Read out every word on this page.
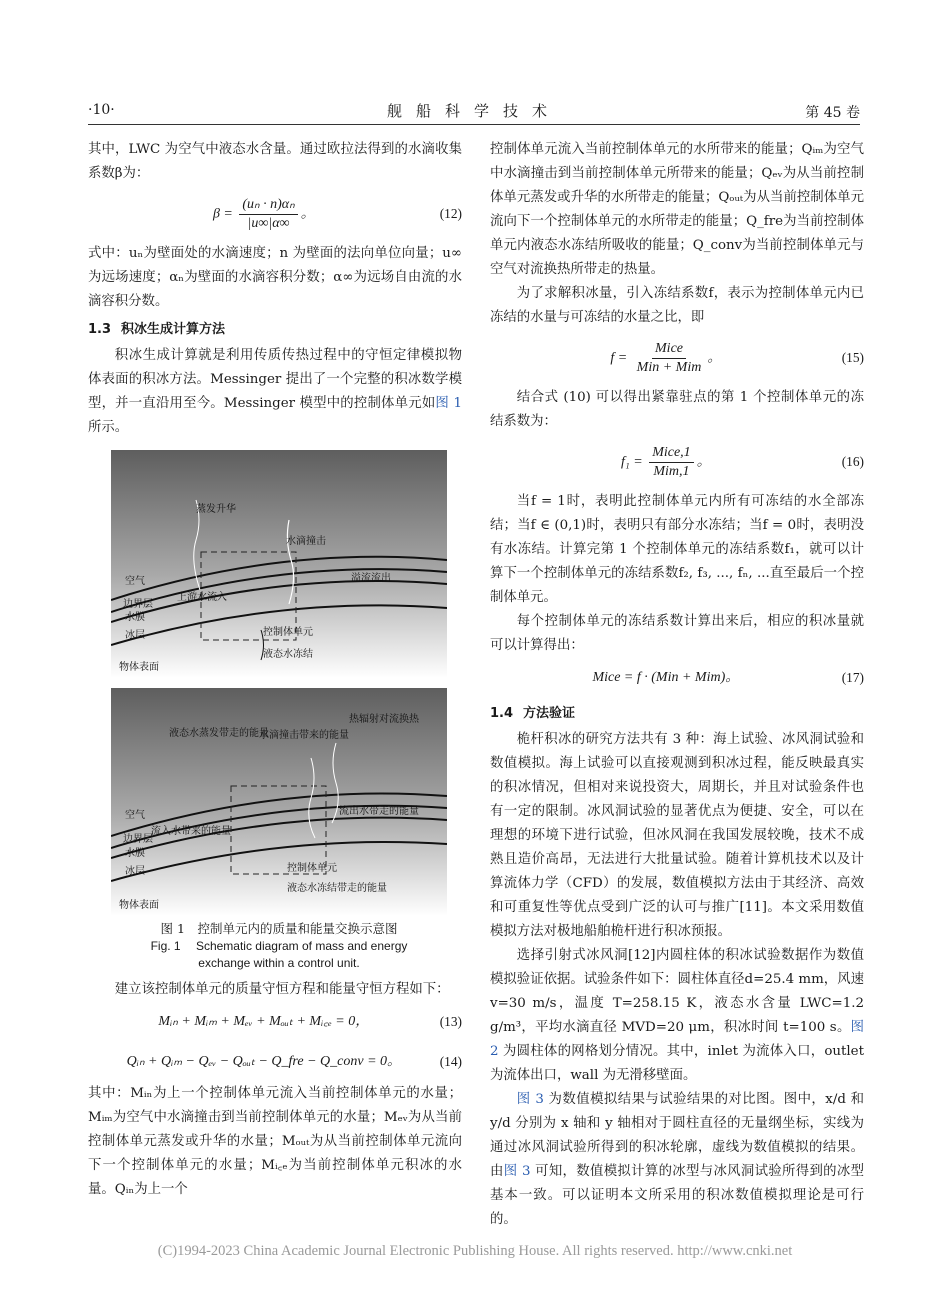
·10·	舰船科学技术	第 45 卷

其中，LWC 为空气中液态水含量。通过欧拉法得到的水滴收集系数β为：

$\beta = \frac{\text{(uₙ · n)αₙ}}{|u\infty|\alpha\infty}$ 。	(12)

式中：uₙ为壁面处的水滴速度；n 为壁面的法向单位向量；u∞为远场速度；αₙ为壁面的水滴容积分数；α∞为远场自由流的水滴容积分数。

1.3 积冰生成计算方法

积冰生成计算就是利用传质传热过程中的守恒定律模拟物体表面的积冰方法。Messinger 提出了一个完整的积冰数学模型，并一直沿用至今。Messinger 模型中的控制体单元如图 1 所示。

蒸发升华
水滴撞击
空气
边界层
水膜
冰层
物体表面
上游水流入
溢流流出
控制体单元
液态水冻结
液态水蒸发带走的能量
水滴撞击带来的能量
热辐射对流换热
空气
边界层
水膜
冰层
物体表面
流入水带来的能量
流出水带走的能量
控制体单元
液态水冻结带走的能量
图 1　控制单元内的质量和能量交换示意图
Fig. 1　 Schematic diagram of mass and energy
exchange within a control unit.

建立该控制体单元的质量守恒方程和能量守恒方程如下：

Mᵢₙ + Mᵢₘ + Mₑᵥ + Mₒᵤₜ + Mᵢ꜀ₑ = 0，	(13)
Qᵢₙ + Qᵢₘ − Qₑᵥ − Qₒᵤₜ − Q_fre − Q_conv = 0。	(14)

其中：Mᵢₙ为上一个控制体单元流入当前控制体单元的水量；Mᵢₘ为空气中水滴撞击到当前控制体单元的水量；Mₑᵥ为从当前控制体单元蒸发或升华的水量；Mₒᵤₜ为从当前控制体单元流向下一个控制体单元的水量；Mᵢ꜀ₑ为当前控制体单元积冰的水量。Qᵢₙ为上一个

控制体单元流入当前控制体单元的水所带来的能量；Qᵢₘ为空气中水滴撞击到当前控制体单元所带来的能量；Qₑᵥ为从当前控制体单元蒸发或升华的水所带走的能量；Qₒᵤₜ为从当前控制体单元流向下一个控制体单元的水所带走的能量；Q_fre为当前控制体单元内液态水冻结所吸收的能量；Q_conv为当前控制体单元与空气对流换热所带走的热量。

为了求解积冰量，引入冻结系数f，表示为控制体单元内已冻结的水量与可冻结的水量之比，即

$f = \frac{\text{Mice}}{\text{Min + Mim}}$ 。	(15)

结合式 (10) 可以得出紧靠驻点的第 1 个控制体单元的冻结系数为：

$f_1 = \frac{\text{Mice,1}}{\text{Mim,1}}$ 。	(16)

当f = 1时，表明此控制体单元内所有可冻结的水全部冻结；当f ∈ (0,1)时，表明只有部分水冻结；当f = 0时，表明没有水冻结。计算完第 1 个控制体单元的冻结系数f₁，就可以计算下一个控制体单元的冻结系数f₂, f₃, ..., fₙ, ...直至最后一个控制体单元。

每个控制体单元的冻结系数计算出来后，相应的积冰量就可以计算得出：

Mice = f · (Min + Mim)。	(17)
1.4 方法验证

桅杆积冰的研究方法共有 3 种：海上试验、冰风洞试验和数值模拟。海上试验可以直接观测到积冰过程，能反映最真实的积冰情况，但相对来说投资大，周期长，并且对试验条件也有一定的限制。冰风洞试验的显著优点为便捷、安全，可以在理想的环境下进行试验，但冰风洞在我国发展较晚，技术不成熟且造价高昂，无法进行大批量试验。随着计算机技术以及计算流体力学（CFD）的发展，数值模拟方法由于其经济、高效和可重复性等优点受到广泛的认可与推广[11]。本文采用数值模拟方法对极地船舶桅杆进行积冰预报。

选择引射式冰风洞[12]内圆柱体的积冰试验数据作为数值模拟验证依据。试验条件如下：圆柱体直径d=25.4 mm，风速 v=30 m/s，温度 T=258.15 K，液态水含量 LWC=1.2 g/m³，平均水滴直径 MVD=20 μm，积冰时间 t=100 s。图 2 为圆柱体的网格划分情况。其中，inlet 为流体入口，outlet 为流体出口，wall 为无滑移壁面。

图 3 为数值模拟结果与试验结果的对比图。图中，x/d 和 y/d 分别为 x 轴和 y 轴相对于圆柱直径的无量纲坐标，实线为通过冰风洞试验所得到的积冰轮廓，虚线为数值模拟的结果。由图 3 可知，数值模拟计算的冰型与冰风洞试验所得到的冰型基本一致。可以证明本文所采用的积冰数值模拟理论是可行的。

(C)1994-2023 China Academic Journal Electronic Publishing House. All rights reserved. http://www.cnki.net
